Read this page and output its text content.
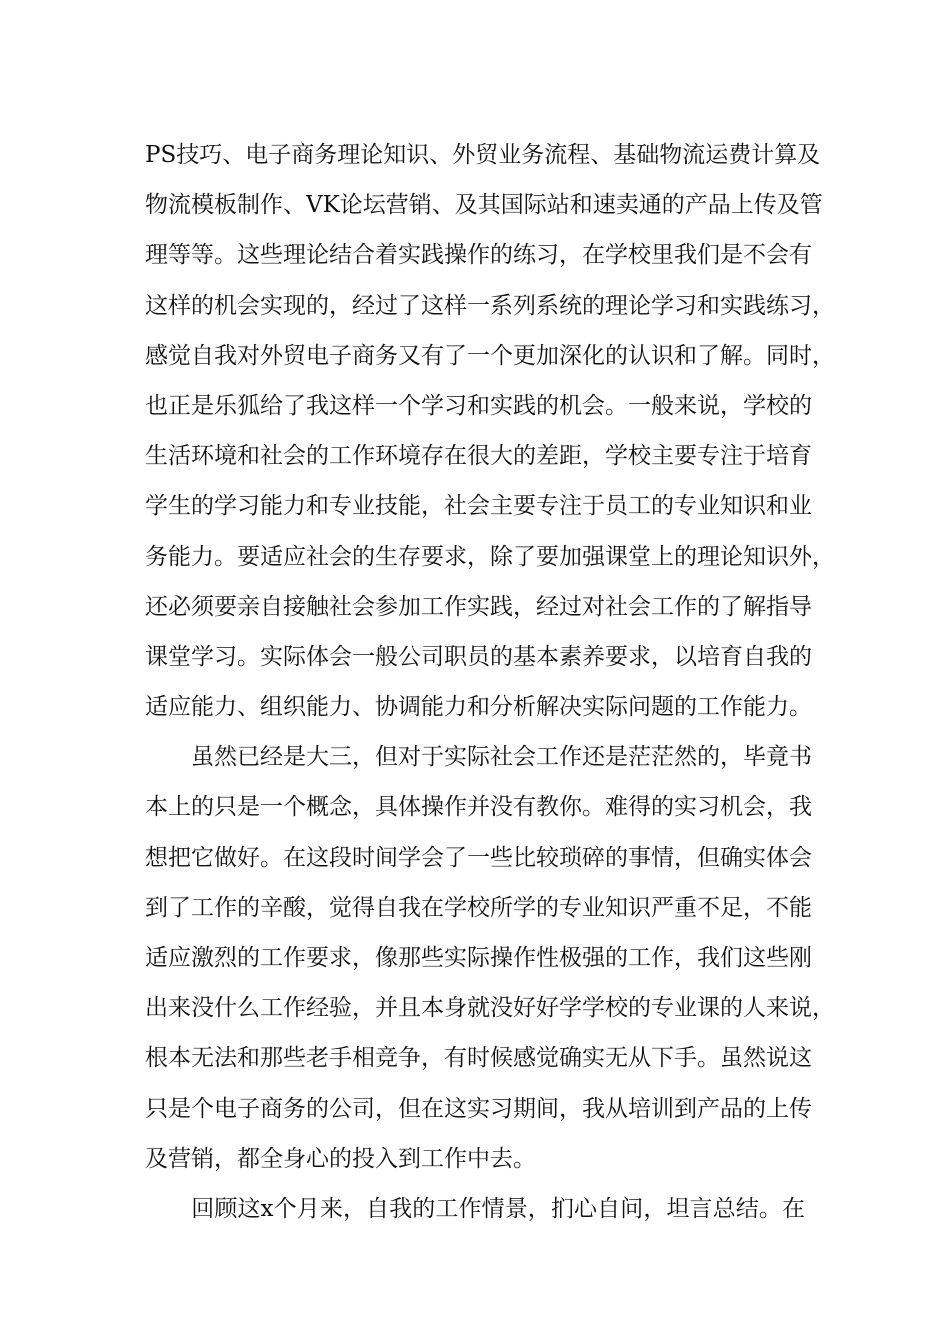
PS技巧、电子商务理论知识、外贸业务流程、基础物流运费计算及
物流模板制作、VK论坛营销、及其国际站和速卖通的产品上传及管
理等等。这些理论结合着实践操作的练习，在学校里我们是不会有
这样的机会实现的，经过了这样一系列系统的理论学习和实践练习，
感觉自我对外贸电子商务又有了一个更加深化的认识和了解。同时，
也正是乐狐给了我这样一个学习和实践的机会。一般来说，学校的
生活环境和社会的工作环境存在很大的差距，学校主要专注于培育
学生的学习能力和专业技能，社会主要专注于员工的专业知识和业
务能力。要适应社会的生存要求，除了要加强课堂上的理论知识外，
还必须要亲自接触社会参加工作实践，经过对社会工作的了解指导
课堂学习。实际体会一般公司职员的基本素养要求，以培育自我的
适应能力、组织能力、协调能力和分析解决实际问题的工作能力。
　　虽然已经是大三，但对于实际社会工作还是茫茫然的，毕竟书
本上的只是一个概念，具体操作并没有教你。难得的实习机会，我
想把它做好。在这段时间学会了一些比较琐碎的事情，但确实体会
到了工作的辛酸，觉得自我在学校所学的专业知识严重不足，不能
适应激烈的工作要求，像那些实际操作性极强的工作，我们这些刚
出来没什么工作经验，并且本身就没好好学学校的专业课的人来说，
根本无法和那些老手相竞争，有时候感觉确实无从下手。虽然说这
只是个电子商务的公司，但在这实习期间，我从培训到产品的上传
及营销，都全身心的投入到工作中去。
　　回顾这x个月来，自我的工作情景，扪心自问，坦言总结。在
